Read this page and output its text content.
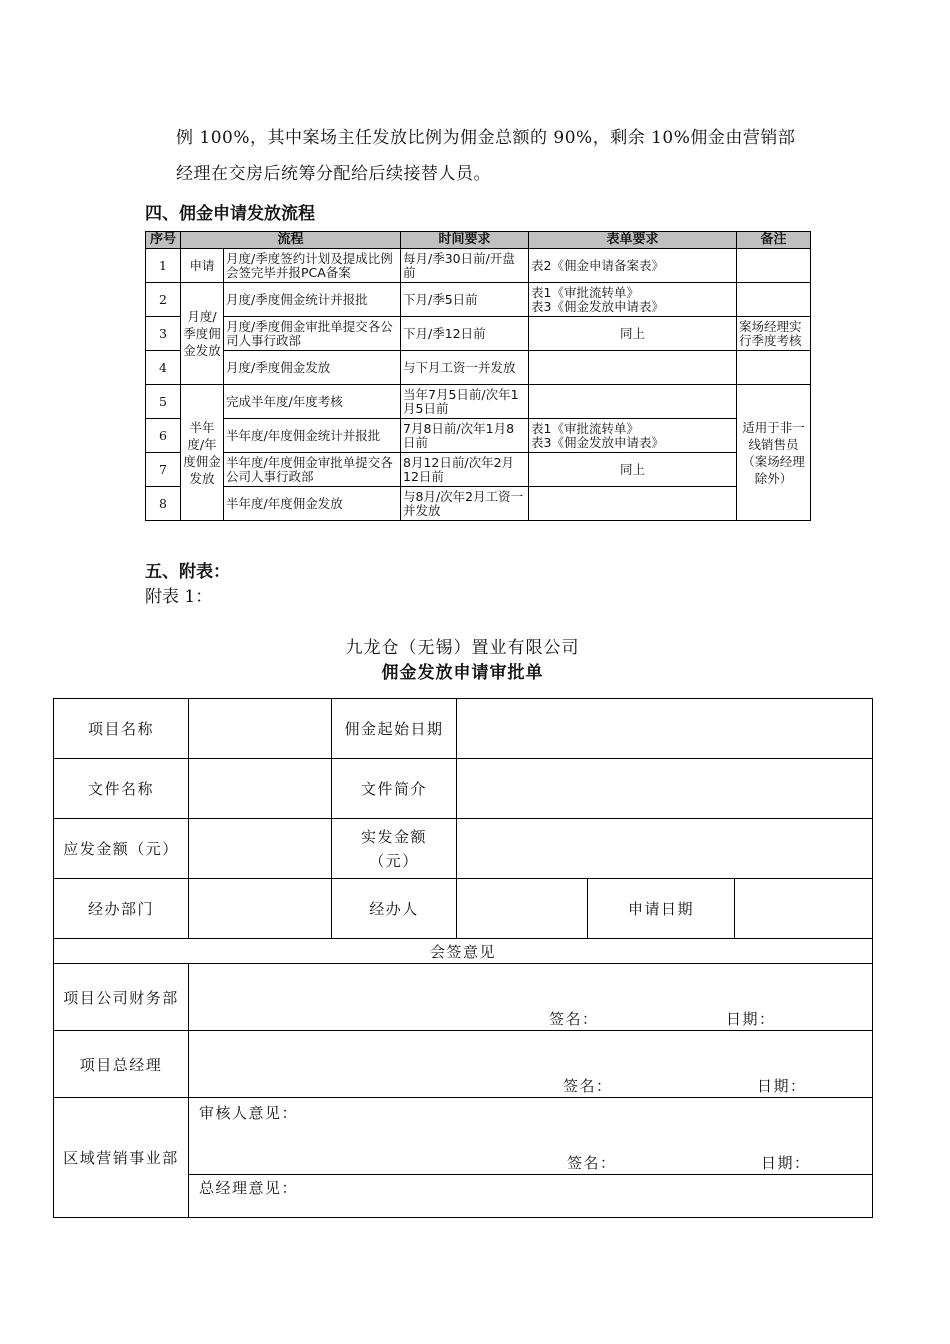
例 100%，其中案场主任发放比例为佣金总额的 90%，剩余 10%佣金由营销部
经理在交房后统筹分配给后续接替人员。
四、佣金申请发放流程
序号	流程		时间要求	表单要求	备注
1	申请	月度/季度签约计划及提成比例会签完毕并报PCA备案	每月/季30日前/开盘前	表2《佣金申请备案表》	
2	月度/季度佣金发放	月度/季度佣金统计并报批	下月/季5日前	表1《审批流转单》
表3《佣金发放申请表》	
3		月度/季度佣金审批单提交各公司人事行政部	下月/季12日前	同上	案场经理实行季度考核
4		月度/季度佣金发放	与下月工资一并发放		
5	半年度/年度佣金发放	完成半年度/年度考核	当年7月5日前/次年1月5日前		适用于非一线销售员（案场经理除外）
6		半年度/年度佣金统计并报批	7月8日前/次年1月8日前	表1《审批流转单》
表3《佣金发放申请表》	
7		半年度/年度佣金审批单提交各公司人事行政部	8月12日前/次年2月12日前	同上	
8		半年度/年度佣金发放	与8月/次年2月工资一并发放		
五、附表：
附表 1：
九龙仓（无锡）置业有限公司
佣金发放申请审批单
项目名称		佣金起始日期			
文件名称		文件简介			
应发金额（元）		实发金额（元）			
经办部门		经办人		申请日期	
会签意见					
项目公司财务部	签名： 日期：				

项目总经理	签名： 日期：				

区域营销事业部	审核人意见：
签名： 日期：				

	总经理意见：				
